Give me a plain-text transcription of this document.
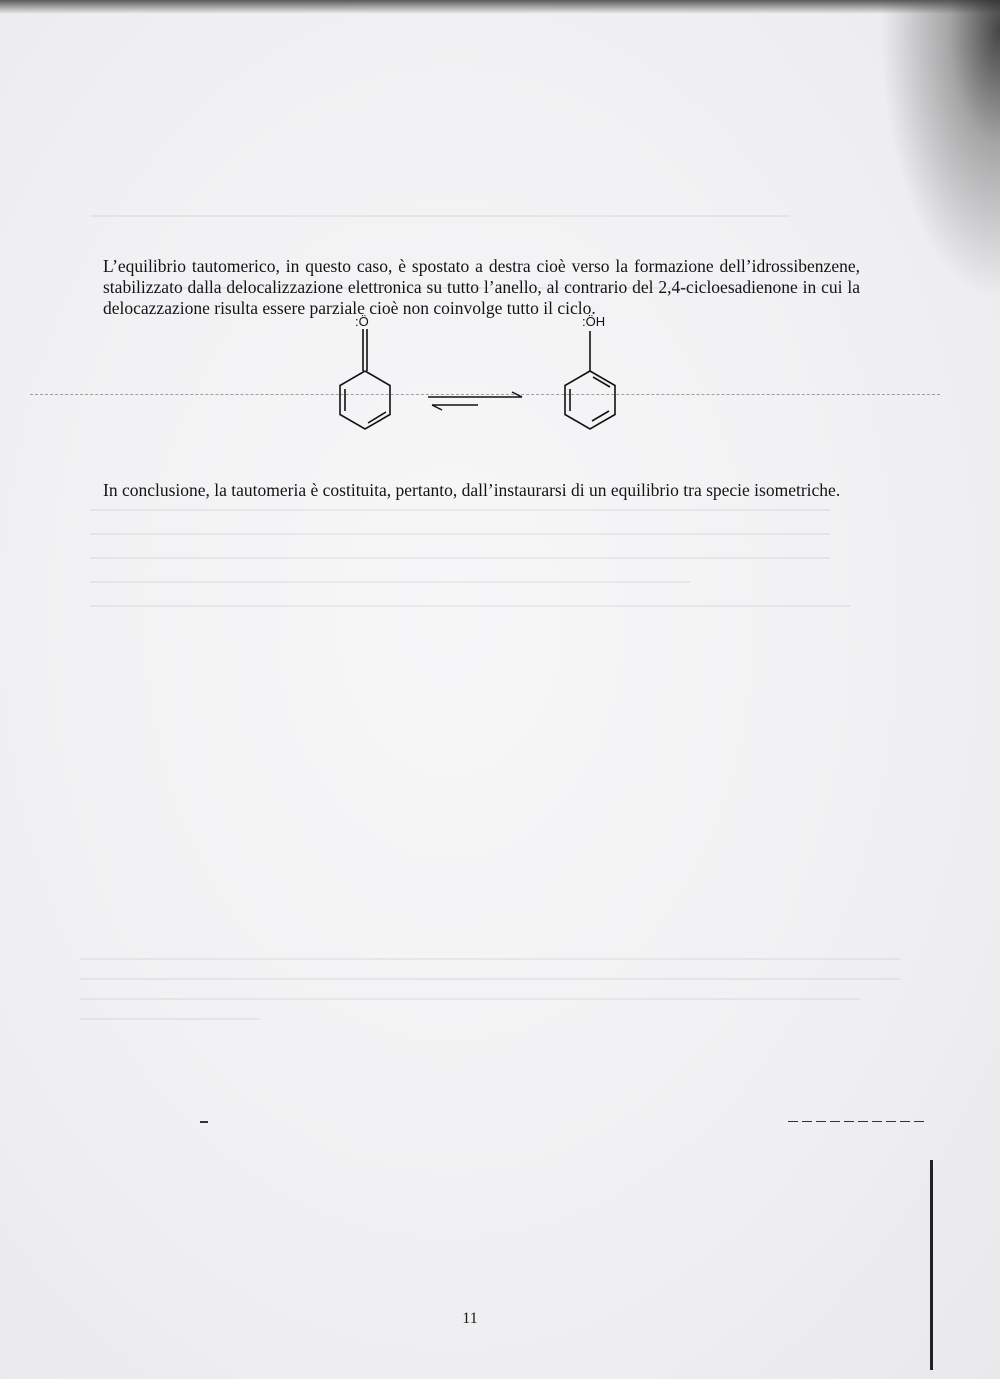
L’equilibrio tautomerico, in questo caso, è spostato a destra cioè verso la formazione dell’idrossibenzene, stabilizzato dalla delocalizzazione elettronica su tutto l’anello, al contrario del 2,4-cicloesadienone in cui la delocazzazione risulta essere parziale cioè non coinvolge tutto il ciclo.

:Ö	:ÖH

In conclusione, la tautomeria è costituita, pertanto, dall’instaurarsi di un equilibrio tra specie isometriche.

11
